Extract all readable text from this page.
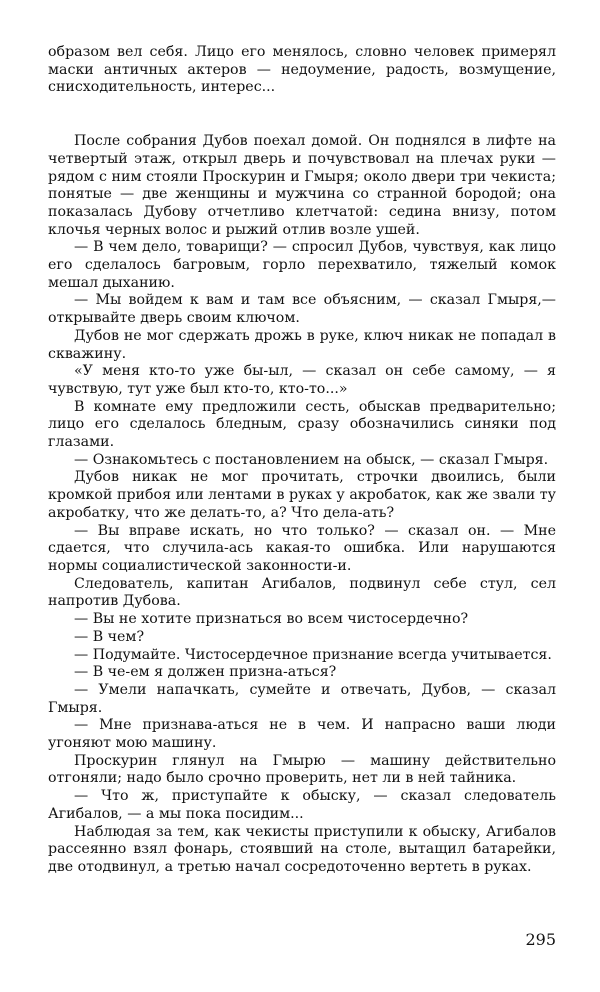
образом вел себя. Лицо его менялось, словно человек примерял маски античных актеров — недоумение, радость, возмущение, снисходительность, интерес...

После собрания Дубов поехал домой. Он поднялся в лифте на четвертый этаж, открыл дверь и почувствовал на плечах руки — рядом с ним стояли Проскурин и Гмыря; около двери три чекиста; понятые — две женщины и мужчина со странной бородой; она показалась Дубову отчетливо клетчатой: седина внизу, потом клочья черных волос и рыжий отлив возле ушей.

— В чем дело, товарищи? — спросил Дубов, чувствуя, как лицо его сделалось багровым, горло перехватило, тяжелый комок мешал дыханию.

— Мы войдем к вам и там все объясним, — сказал Гмыря,— открывайте дверь своим ключом.

Дубов не мог сдержать дрожь в руке, ключ никак не попадал в скважину.

«У меня кто-то уже бы-ыл, — сказал он себе самому, — я чувствую, тут уже был кто-то, кто-то...»

В комнате ему предложили сесть, обыскав предварительно; лицо его сделалось бледным, сразу обозначились синяки под глазами.

— Ознакомьтесь с постановлением на обыск, — сказал Гмыря.

Дубов никак не мог прочитать, строчки двоились, были кромкой прибоя или лентами в руках у акробаток, как же звали ту акробатку, что же делать-то, а? Что дела-ать?

— Вы вправе искать, но что только? — сказал он. — Мне сдается, что случила-ась какая-то ошибка. Или нарушаются нормы социалистической законности-и.

Следователь, капитан Агибалов, подвинул себе стул, сел напротив Дубова.

— Вы не хотите признаться во всем чистосердечно?

— В чем?

— Подумайте. Чистосердечное признание всегда учитывается.

— В че-ем я должен призна-аться?

— Умели напачкать, сумейте и отвечать, Дубов, — сказал Гмыря.

— Мне признава-аться не в чем. И напрасно ваши люди угоняют мою машину.

Проскурин глянул на Гмырю — машину действительно отгоняли; надо было срочно проверить, нет ли в ней тайника.

— Что ж, приступайте к обыску, — сказал следователь Агибалов, — а мы пока посидим...

Наблюдая за тем, как чекисты приступили к обыску, Агибалов рассеянно взял фонарь, стоявший на столе, вытащил батарейки, две отодвинул, а третью начал сосредоточенно вертеть в руках.

295
